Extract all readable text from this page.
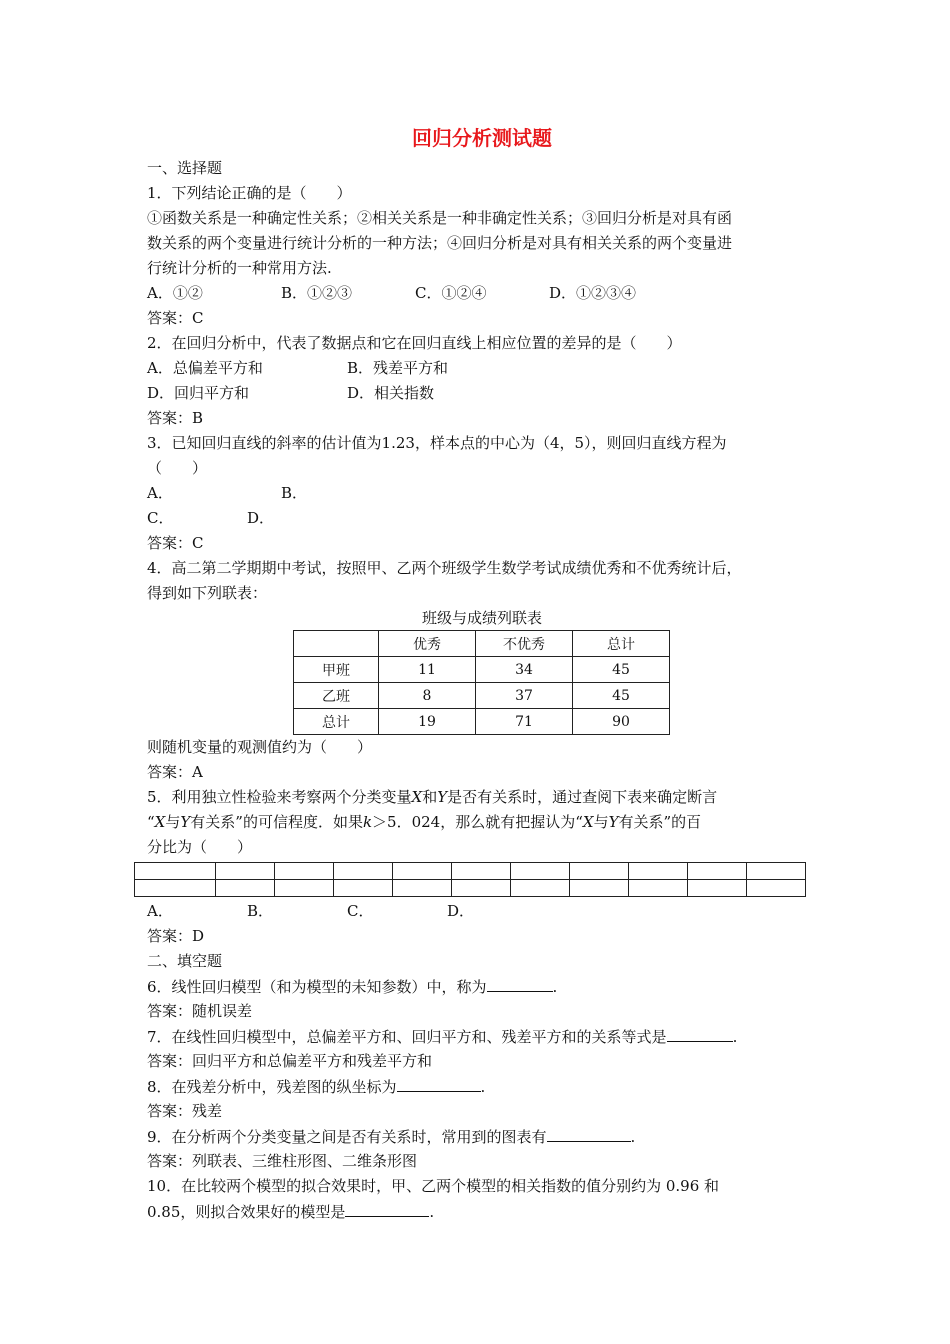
回归分析测试题
一、选择题
1．下列结论正确的是（　　）
①函数关系是一种确定性关系；②相关关系是一种非确定性关系；③回归分析是对具有函
数关系的两个变量进行统计分析的一种方法；④回归分析是对具有相关关系的两个变量进
行统计分析的一种常用方法.
A．①②	B．①②③	C．①②④	D．①②③④
答案：C
2．在回归分析中，代表了数据点和它在回归直线上相应位置的差异的是（　　）
A．总偏差平方和	B．残差平方和
D．回归平方和	D．相关指数
答案：B
3．已知回归直线的斜率的估计值为1.23，样本点的中心为（4，5），则回归直线方程为
（　　）
A．	B．
C．	D．
答案：C
4．高二第二学期期中考试，按照甲、乙两个班级学生数学考试成绩优秀和不优秀统计后，
得到如下列联表：
班级与成绩列联表
	优秀	不优秀	总计
甲班	11	34	45
乙班	8	37	45
总计	19	71	90
则随机变量的观测值约为（　　）
答案：A
5．利用独立性检验来考察两个分类变量X和Y是否有关系时，通过查阅下表来确定断言
“X与Y有关系”的可信程度．如果k＞5．024，那么就有把握认为“X与Y有关系”的百
分比为（　　）

A．	B．	C．	D．
答案：D
二、填空题
6．线性回归模型（和为模型的未知参数）中，称为	.
答案：随机误差
7．在线性回归模型中，总偏差平方和、回归平方和、残差平方和的关系等式是	.
答案：回归平方和总偏差平方和残差平方和
8．在残差分析中，残差图的纵坐标为	.
答案：残差
9．在分析两个分类变量之间是否有关系时，常用到的图表有	.
答案：列联表、三维柱形图、二维条形图
10．在比较两个模型的拟合效果时，甲、乙两个模型的相关指数的值分别约为 0.96 和
0.85，则拟合效果好的模型是	.
